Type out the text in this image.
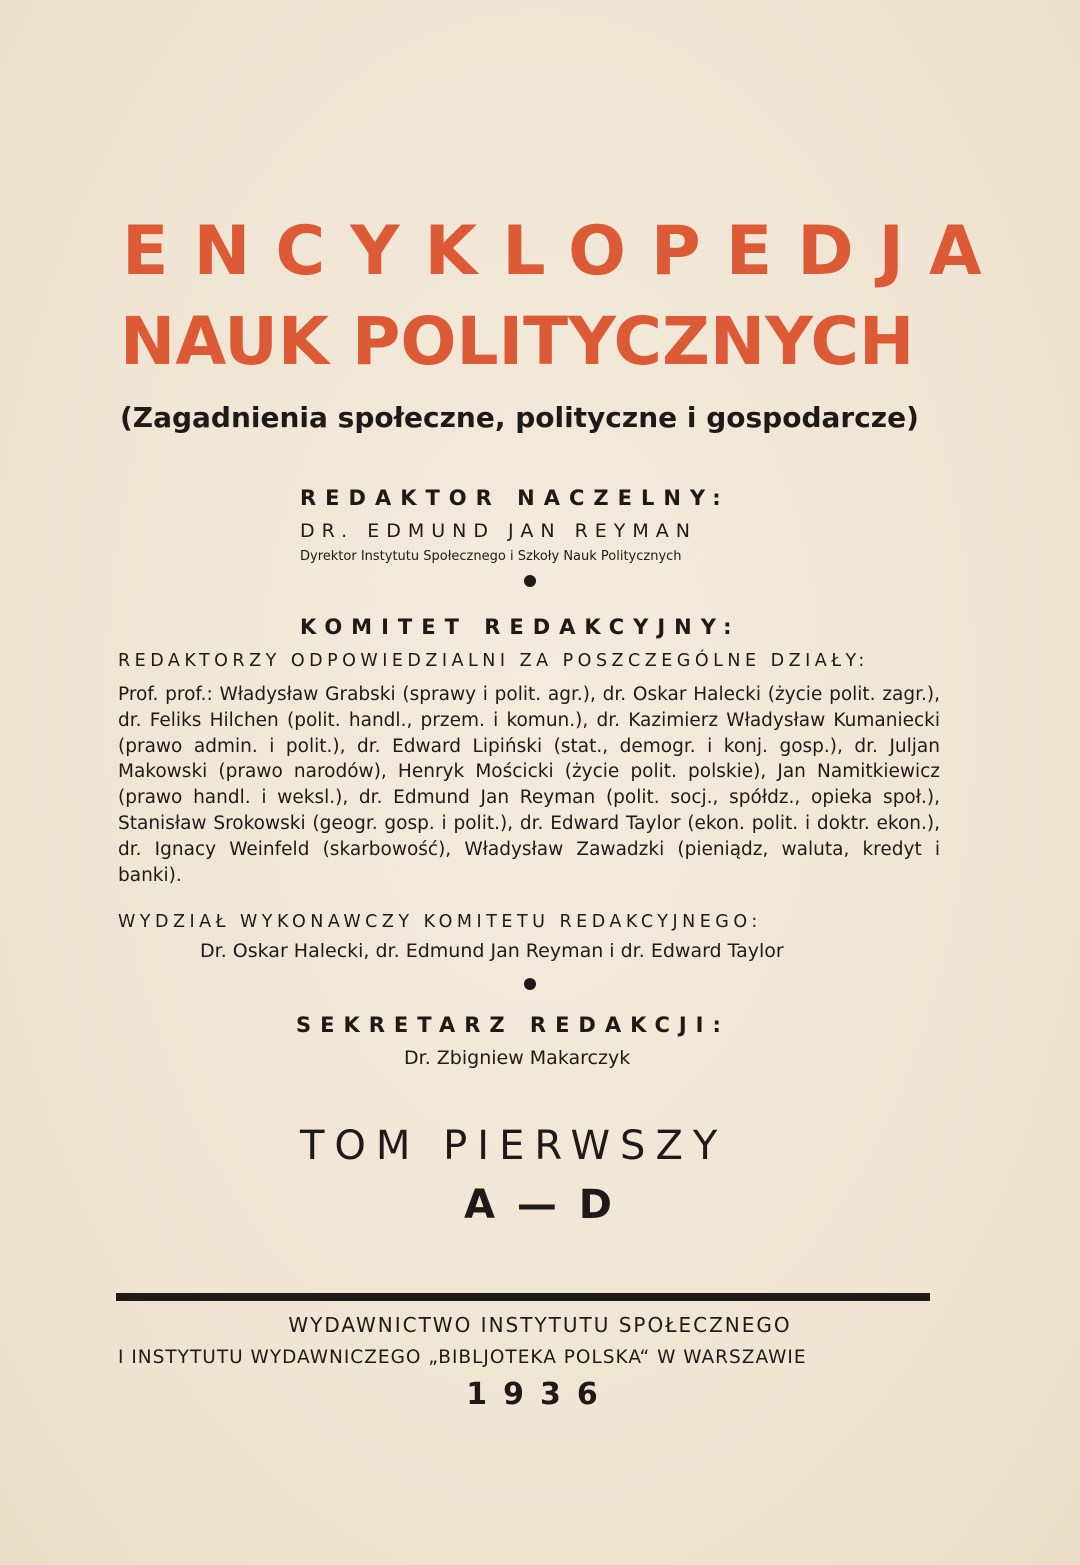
ENCYKLOPEDJA
NAUK POLITYCZNYCH
(Zagadnienia społeczne, polityczne i gospodarcze)
REDAKTOR NACZELNY:
DR. EDMUND JAN REYMAN
Dyrektor Instytutu Społecznego i Szkoły Nauk Politycznych
KOMITET REDAKCYJNY:
REDAKTORZY ODPOWIEDZIALNI ZA POSZCZEGÓLNE DZIAŁY:
Prof. prof.: Władysław Grabski (sprawy i polit. agr.), dr. Oskar Halecki (życie polit. zagr.), dr. Feliks Hilchen (polit. handl., przem. i komun.), dr. Kazimierz Władysław Kumaniecki (prawo admin. i polit.), dr. Edward Lipiński (stat., demogr. i konj. gosp.), dr. Juljan Makowski (prawo narodów), Henryk Mościcki (życie polit. polskie), Jan Namitkiewicz (prawo handl. i weksl.), dr. Edmund Jan Reyman (polit. socj., spółdz., opieka społ.), Stanisław Srokowski (geogr. gosp. i polit.), dr. Edward Taylor (ekon. polit. i doktr. ekon.), dr. Ignacy Weinfeld (skarbowość), Władysław Zawadzki (pieniądz, waluta, kredyt i banki).
WYDZIAŁ WYKONAWCZY KOMITETU REDAKCYJNEGO:
Dr. Oskar Halecki, dr. Edmund Jan Reyman i dr. Edward Taylor
SEKRETARZ REDAKCJI:
Dr. Zbigniew Makarczyk
TOM PIERWSZY
A — D
WYDAWNICTWO INSTYTUTU SPOŁECZNEGO
I INSTYTUTU WYDAWNICZEGO „BIBLJOTEKA POLSKA“ W WARSZAWIE
1936
